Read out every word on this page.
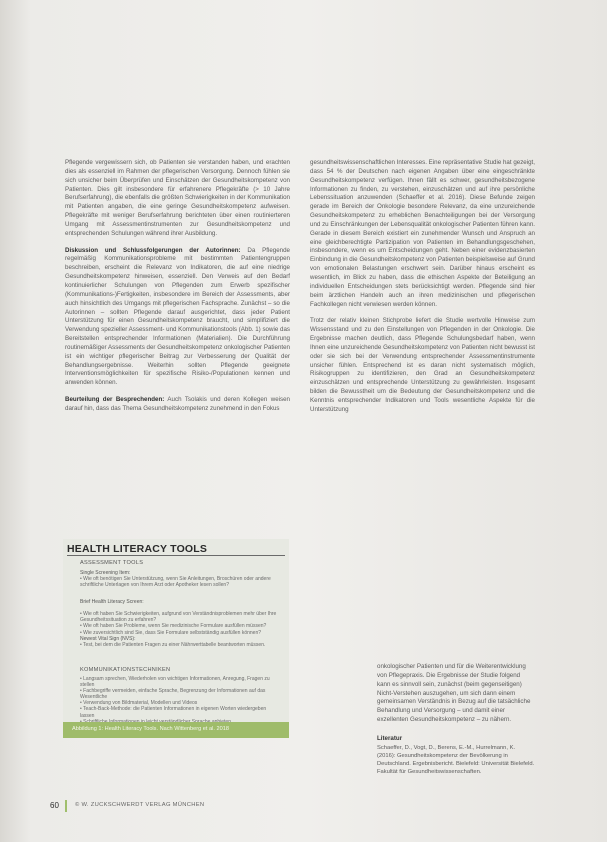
Pflegende vergewissern sich, ob Patienten sie verstanden haben, und erachten dies als essenziell im Rahmen der pflegerischen Versorgung. Dennoch fühlen sie sich unsicher beim Überprüfen und Einschätzen der Gesundheitskompetenz von Patienten. Dies gilt insbesondere für erfahrenere Pflegekräfte (> 10 Jahre Berufserfahrung), die ebenfalls die größten Schwierigkeiten in der Kommunikation mit Patienten angaben, die eine geringe Gesundheitskompetenz aufweisen. Pflegekräfte mit weniger Berufserfahrung berichteten über einen routinierteren Umgang mit Assessmentinstrumenten zur Gesundheitskompetenz und entsprechenden Schulungen während ihrer Ausbildung.

Diskussion und Schlussfolgerungen der Autorinnen: Da Pflegende regelmäßig Kommunikationsprobleme mit bestimmten Patientengruppen beschreiben, erscheint die Relevanz von Indikatoren, die auf eine niedrige Gesundheitskompetenz hinweisen, essenziell. Den Verweis auf den Bedarf kontinuierlicher Schulungen von Pflegenden zum Erwerb spezifischer (Kommunikations-)Fertigkeiten, insbesondere im Bereich der Assessments, aber auch hinsichtlich des Umgangs mit pflegerischen Fachsprache. Zunächst – so die Autorinnen – sollten Pflegende darauf ausgerichtet, dass jeder Patient Unterstützung für einen Gesundheitskompetenz braucht, und simplifiziert die Verwendung spezieller Assessment- und Kommunikationstools (Abb. 1) sowie das Bereitstellen entsprechender Informationen (Materialien). Die Durchführung routinemäßiger Assessments der Gesundheitskompetenz onkologischer Patienten ist ein wichtiger pflegerischer Beitrag zur Verbesserung der Qualität der Behandlungsergebnisse. Weiterhin sollten Pflegende geeignete Interventionsmöglichkeiten für spezifische Risiko-/Populationen kennen und anwenden können.

Beurteilung der Besprechenden: Auch Tsolakis und deren Kollegen weisen darauf hin, dass das Thema Gesundheitskompetenz zunehmend in den Fokus

gesundheitswissenschaftlichen Interesses. Eine repräsentative Studie hat gezeigt, dass 54 % der Deutschen nach eigenen Angaben über eine eingeschränkte Gesundheitskompetenz verfügen. Ihnen fällt es schwer, gesundheitsbezogene Informationen zu finden, zu verstehen, einzuschätzen und auf ihre persönliche Lebenssituation anzuwenden (Schaeffer et al. 2016). Diese Befunde zeigen gerade im Bereich der Onkologie besondere Relevanz, da eine unzureichende Gesundheitskompetenz zu erheblichen Benachteiligungen bei der Versorgung und zu Einschränkungen der Lebensqualität onkologischer Patienten führen kann. Gerade in diesem Bereich existiert ein zunehmender Wunsch und Anspruch an eine gleichberechtigte Partizipation von Patienten im Behandlungsgeschehen, insbesondere, wenn es um Entscheidungen geht. Neben einer evidenzbasierten Einbindung in die Gesundheitskompetenz von Patienten beispielsweise auf Grund von emotionalen Belastungen erschwert sein. Darüber hinaus erscheint es wesentlich, im Blick zu haben, dass die ethischen Aspekte der Beteiligung an individuellen Entscheidungen stets berücksichtigt werden. Pflegende sind hier beim ärztlichen Handeln auch an ihren medizinischen und pflegerischen Fachkollegen nicht verwiesen werden können.

Trotz der relativ kleinen Stichprobe liefert die Studie wertvolle Hinweise zum Wissensstand und zu den Einstellungen von Pflegenden in der Onkologie. Die Ergebnisse machen deutlich, dass Pflegende Schulungsbedarf haben, wenn Ihnen eine unzureichende Gesundheitskompetenz von Patienten nicht bewusst ist oder sie sich bei der Verwendung entsprechender Assessmentinstrumente unsicher fühlen. Entsprechend ist es daran nicht systematisch möglich, Risikogruppen zu identifizieren, den Grad an Gesundheitskompetenz einzuschätzen und entsprechende Unterstützung zu gewährleisten. Insgesamt bilden die Bewusstheit um die Bedeutung der Gesundheitskompetenz und die Kenntnis entsprechender Indikatoren und Tools wesentliche Aspekte für die Unterstützung

onkologischer Patienten und für die Weiterentwicklung von Pflegepraxis. Die Ergebnisse der Studie folgend kann es sinnvoll sein, zunächst (beim gegenseitigen) Nicht-Verstehen auszugehen, um sich dann einem gemeinsamen Verständnis in Bezug auf die tatsächliche Behandlung und Versorgung – und damit einer exzellenten Gesundheitskompetenz – zu nähern.

Literatur

Schaeffer, D., Vogt, D., Berens, E.-M., Hurrelmann, K. (2016): Gesundheitskompetenz der Bevölkerung in Deutschland. Ergebnisbericht. Bielefeld: Universität Bielefeld. Fakultät für Gesundheitswissenschaften.

HEALTH LITERACY TOOLS
ASSESSMENT TOOLS
Single Screening Item:
• Wie oft benötigen Sie Unterstützung, wenn Sie Anleitungen, Broschüren oder andere schriftliche Unterlagen von Ihrem Arzt oder Apotheker lesen sollen?

Brief Health Literacy Screen:

• Wie oft haben Sie Schwierigkeiten, aufgrund von Verständnisproblemen mehr über Ihre Gesundheitssituation zu erfahren?
• Wie oft haben Sie Probleme, wenn Sie medizinische Formulare ausfüllen müssen?
• Wie zuversichtlich sind Sie, dass Sie Formulare selbstständig ausfüllen können?

Newest Vital Sign (NVS):
• Test, bei dem die Patienten Fragen zu einer Nährwerttabelle beantworten müssen.
KOMMUNIKATIONSTECHNIKEN
• Langsam sprechen, Wiederholen von wichtigen Informationen, Anregung, Fragen zu stellen
• Fachbegriffe vermeiden, einfache Sprache, Begrenzung der Informationen auf das Wesentliche
• Verwendung von Bildmaterial, Modellen und Videos
• Teach-Back-Methode: die Patienten Informationen in eigenen Worten wiedergeben lassen

Abbildung 1: Health Literacy Tools. Nach Wittenberg et al. 2018
60	© W. ZUCKSCHWERDT VERLAG MÜNCHEN
